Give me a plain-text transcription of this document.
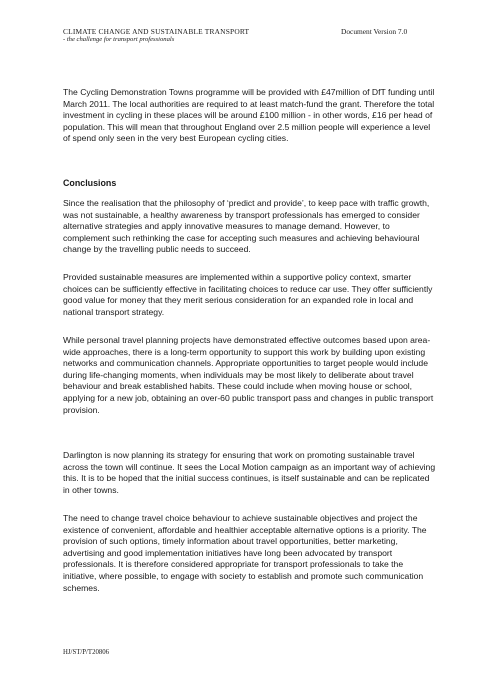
CLIMATE CHANGE AND SUSTAINABLE TRANSPORT
- the challenge for transport professionals
Document Version 7.0

The Cycling Demonstration Towns programme will be provided with £47million of DfT funding until March 2011. The local authorities are required to at least match-fund the grant. Therefore the total investment in cycling in these places will be around £100 million - in other words, £16 per head of population. This will mean that throughout England over 2.5 million people will experience a level of spend only seen in the very best European cycling cities.

Conclusions

Since the realisation that the philosophy of ‘predict and provide’, to keep pace with traffic growth, was not sustainable, a healthy awareness by transport professionals has emerged to consider alternative strategies and apply innovative measures to manage demand. However, to complement such rethinking the case for accepting such measures and achieving behavioural change by the travelling public needs to succeed.

Provided sustainable measures are implemented within a supportive policy context, smarter choices can be sufficiently effective in facilitating choices to reduce car use. They offer sufficiently good value for money that they merit serious consideration for an expanded role in local and national transport strategy.

While personal travel planning projects have demonstrated effective outcomes based upon area-wide approaches, there is a long-term opportunity to support this work by building upon existing networks and communication channels. Appropriate opportunities to target people would include during life-changing moments, when individuals may be most likely to deliberate about travel behaviour and break established habits. These could include when moving house or school, applying for a new job, obtaining an over-60 public transport pass and changes in public transport provision.

Darlington is now planning its strategy for ensuring that work on promoting sustainable travel across the town will continue. It sees the Local Motion campaign as an important way of achieving this. It is to be hoped that the initial success continues, is itself sustainable and can be replicated in other towns.

The need to change travel choice behaviour to achieve sustainable objectives and project the existence of convenient, affordable and healthier acceptable alternative options is a priority. The provision of such options, timely information about travel opportunities, better marketing, advertising and good implementation initiatives have long been advocated by transport professionals. It is therefore considered appropriate for transport professionals to take the initiative, where possible, to engage with society to establish and promote such communication schemes.

HJ/ST/P/T20806
